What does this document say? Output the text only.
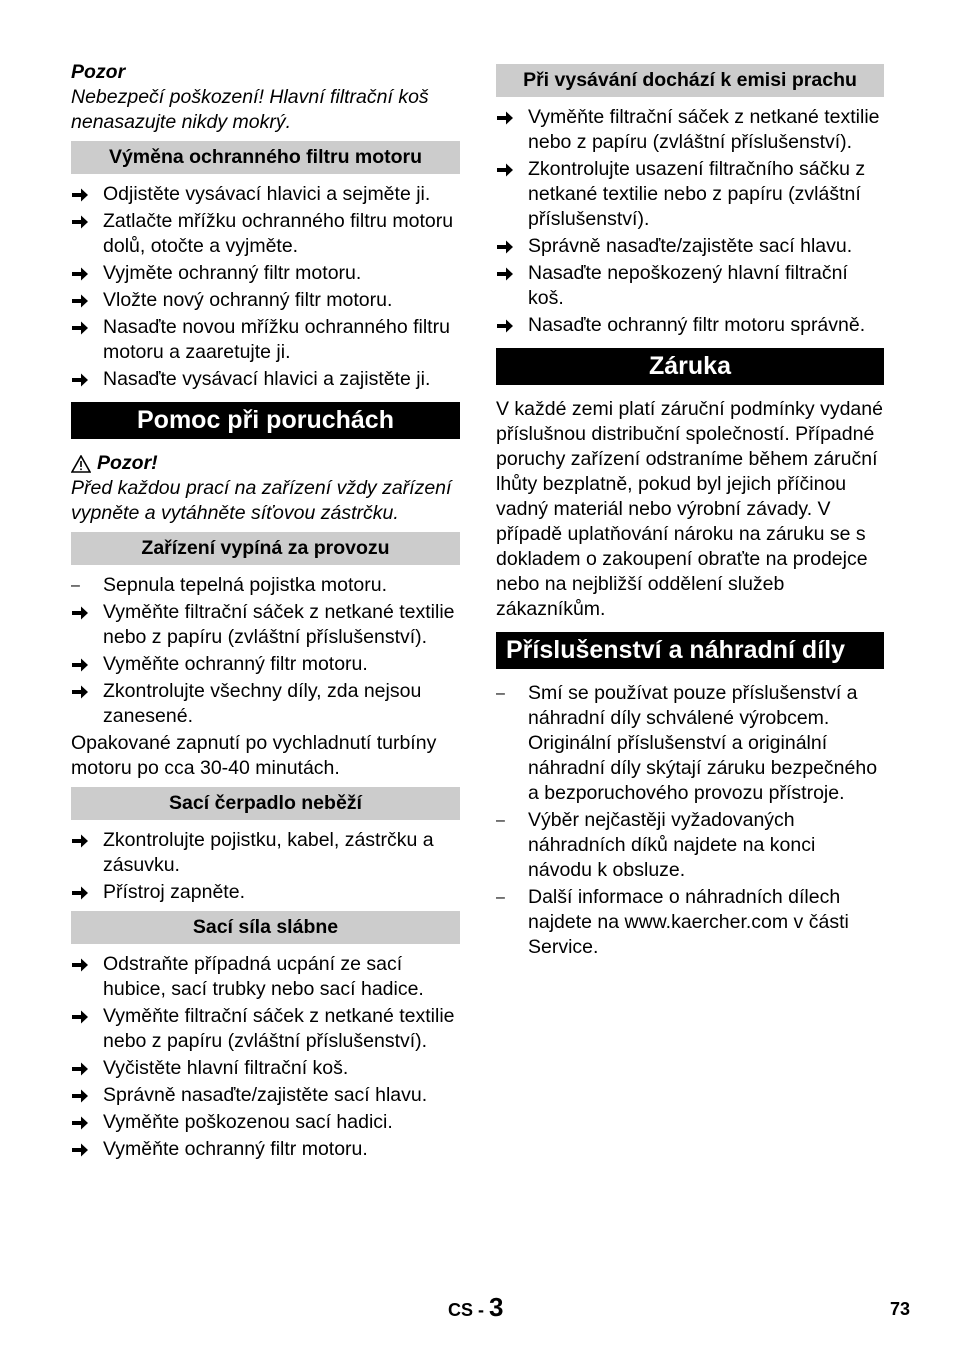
Pozor

Nebezpečí poškození! Hlavní filtrační koš nenasazujte nikdy mokrý.

Výměna ochranného filtru motoru
Odjistěte vysávací hlavici a sejměte ji.
Zatlačte mřížku ochranného filtru motoru dolů, otočte a vyjměte.
Vyjměte ochranný filtr motoru.
Vložte nový ochranný filtr motoru.
Nasaďte novou mřížku ochranného filtru motoru a zaaretujte ji.
Nasaďte vysávací hlavici a zajistěte ji.
Pomoc při poruchách
Pozor!

Před každou prací na zařízení vždy zařízení vypněte a vytáhněte síťovou zástrčku.

Zařízení vypíná za provozu
–	Sepnula tepelná pojistka motoru.
Vyměňte filtrační sáček z netkané textilie nebo z papíru (zvláštní příslušenství).
Vyměňte ochranný filtr motoru.
Zkontrolujte všechny díly, zda nejsou zanesené.

Opakované zapnutí po vychladnutí turbíny motoru po cca 30-40 minutách.

Sací čerpadlo neběží
Zkontrolujte pojistku, kabel, zástrčku a zásuvku.
Přístroj zapněte.
Sací síla slábne
Odstraňte případná ucpání ze sací hubice, sací trubky nebo sací hadice.
Vyměňte filtrační sáček z netkané textilie nebo z papíru (zvláštní příslušenství).
Vyčistěte hlavní filtrační koš.
Správně nasaďte/zajistěte sací hlavu.
Vyměňte poškozenou sací hadici.
Vyměňte ochranný filtr motoru.
Při vysávání dochází k emisi prachu
Vyměňte filtrační sáček z netkané textilie nebo z papíru (zvláštní příslušenství).
Zkontrolujte usazení filtračního sáčku z netkané textilie nebo z papíru (zvláštní příslušenství).
Správně nasaďte/zajistěte sací hlavu.
Nasaďte nepoškozený hlavní filtrační koš.
Nasaďte ochranný filtr motoru správně.
Záruka

V každé zemi platí záruční podmínky vydané příslušnou distribuční společností. Případné poruchy zařízení odstraníme během záruční lhůty bezplatně, pokud byl jejich příčinou vadný materiál nebo výrobní závady. V případě uplatňování nároku na záruku se s dokladem o zakoupení obraťte na prodejce nebo na nejbližší oddělení služeb zákazníkům.

Příslušenství a náhradní díly
–	Smí se používat pouze příslušenství a náhradní díly schválené výrobcem. Originální příslušenství a originální náhradní díly skýtají záruku bezpečného a bezporuchového provozu přístroje.
–	Výběr nejčastěji vyžadovaných náhradních díků najdete na konci návodu k obsluze.
–	Další informace o náhradních dílech najdete na www.kaercher.com v části Service.
CS - 3	73
